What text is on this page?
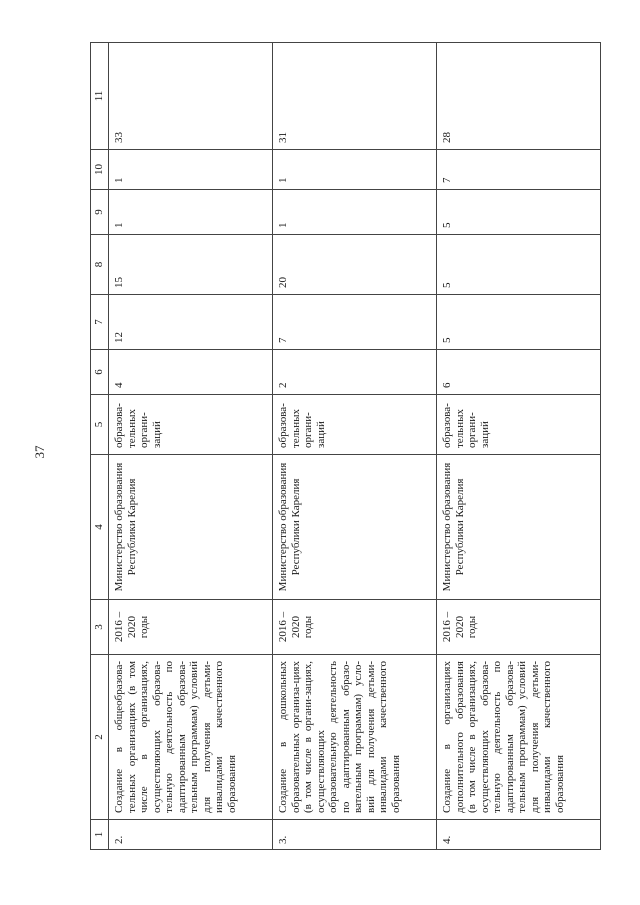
37
1	2	3	4	5	6	7	8	9	10	11
2.	Создание в общеобразова-тельных организациях (в том числе в организациях, осуществляющих образова-тельную деятельность по адаптированным образова-тельным программам) условий для получения детьми-инвалидами качественного образования	2016 – 2020 годы	Министерство образования Республики Карелия	образова-тельных органи-заций	4	12	15	1	1	33
3.	Создание в дошкольных образовательных организа-циях (в том числе в органи-зациях, осуществляющих образовательную деятельность по адаптированным образо-вательным программам) усло-вий для получения детьми-инвалидами качественного образования	2016 – 2020 годы	Министерство образования Республики Карелия	образова-тельных органи-заций	2	7	20	1	1	31
4.	Создание в организациях дополнительного образования (в том числе в организациях, осуществляющих образова-тельную деятельность по адаптированным образова-тельным программам) условий для получения детьми-инвалидами качественного образования	2016 – 2020 годы	Министерство образования Республики Карелия	образова-тельных органи-заций	6	5	5	5	7	28
